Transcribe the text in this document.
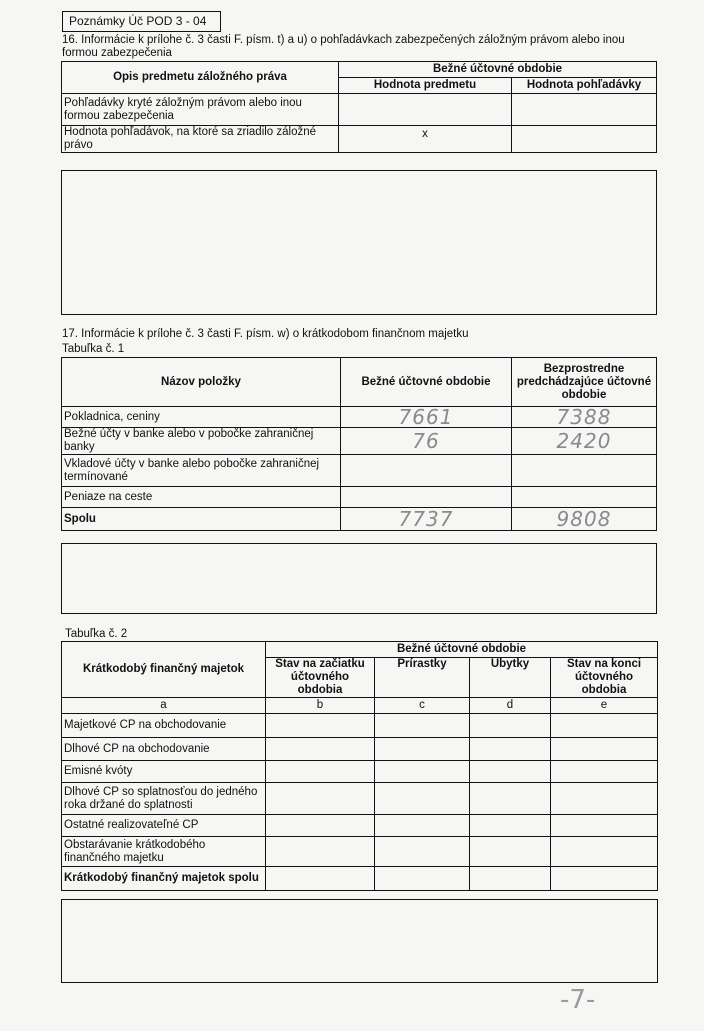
Poznámky Úč POD 3 - 04
16. Informácie k prílohe č. 3 časti F. písm. t) a u) o pohľadávkach zabezpečených záložným právom alebo inou formou zabezpečenia
Opis predmetu záložného práva	Bežné účtovné obdobie	
	Hodnota predmetu	Hodnota pohľadávky
Pohľadávky kryté záložným právom alebo inou formou zabezpečenia		
Hodnota pohľadávok, na ktoré sa zriadilo záložné právo	x	
17. Informácie k prílohe č. 3 časti F. písm. w) o krátkodobom finančnom majetku
Tabuľka č. 1
Názov položky	Bežné účtovné obdobie	Bezprostredne predchádzajúce účtovné obdobie
Pokladnica, ceniny	7661	7388
Bežné účty v banke alebo v pobočke zahraničnej banky	76	2420
Vkladové účty v banke alebo pobočke zahraničnej termínované		
Peniaze na ceste		
Spolu	7737	9808
Tabuľka č. 2
Krátkodobý finančný majetok	Bežné účtovné obdobie			
	Stav na začiatku účtovného obdobia	Prírastky	Úbytky	Stav na konci účtovného obdobia
a	b	c	d	e
Majetkové CP na obchodovanie				
Dlhové CP na obchodovanie				
Emisné kvóty				
Dlhové CP so splatnosťou do jedného roka držané do splatnosti				
Ostatné realizovateľné CP				
Obstarávanie krátkodobého finančného majetku				
Krátkodobý finančný majetok spolu				
-7-
